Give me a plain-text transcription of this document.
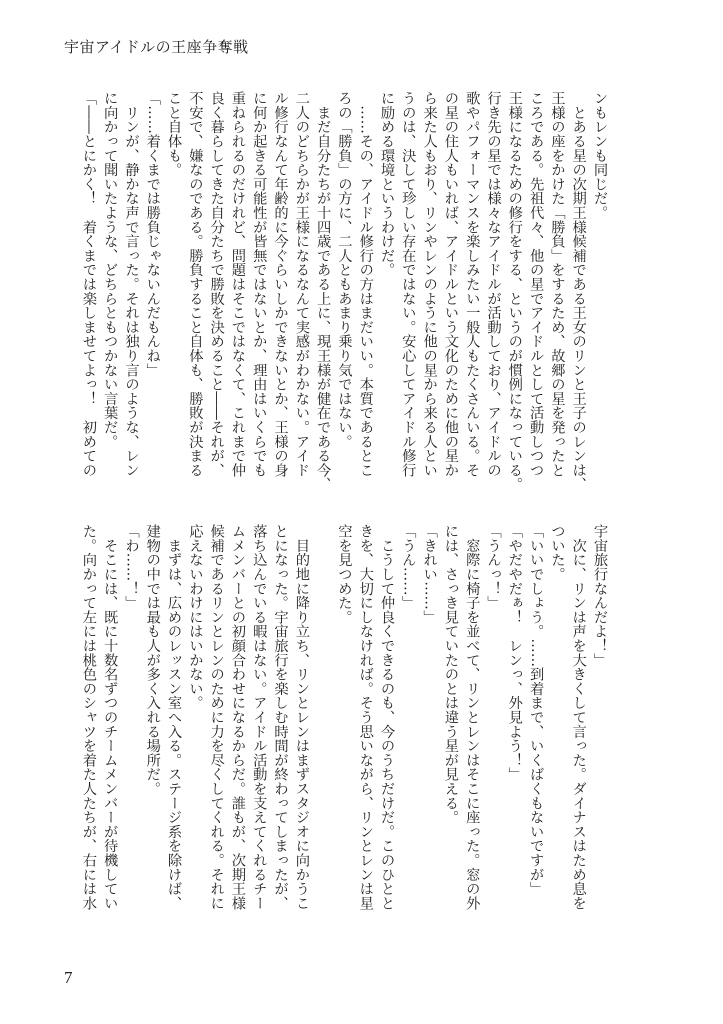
宇宙アイドルの王座争奪戦
ンもレンも同じだ。
　とある星の次期王様候補である王女のリンと王子のレンは、
王様の座をかけた「勝負」をするため、故郷の星を発ったと
ころである。先祖代々、他の星でアイドルとして活動しつつ
王様になるための修行をする、というのが慣例になっている。
行き先の星では様々なアイドルが活動しており、アイドルの
歌やパフォーマンスを楽しみたい一般人もたくさんいる。そ
の星の住人もいれば、アイドルという文化のために他の星か
ら来た人もおり、リンやレンのように他の星から来る人とい
うのは、決して珍しい存在ではない。安心してアイドル修行
に励める環境というわけだ。
　……その、アイドル修行の方はまだいい。本質であるとこ
ろの「勝負」の方に、二人ともあまり乗り気ではない。
　まだ自分たちが十四歳である上に、現王様が健在である今、
二人のどちらかが王様になるなんて実感がわかない。アイド
ル修行なんて年齢的に今ぐらいしかできないとか、王様の身
に何か起きる可能性が皆無ではないとか、理由はいくらでも
重ねられるのだけれど、問題はそこではなくて、これまで仲
良く暮らしてきた自分たちで勝敗を決めること――それが、
不安で、嫌なのである。勝負すること自体も、勝敗が決まる
こと自体も。
「……着くまでは勝負じゃないんだもんね」
　リンが、静かな声で言った。それは独り言のような、レン
に向かって聞いたような、どちらともつかない言葉だ。
「――とにかく！　着くまでは楽しませてよっ！　初めての
宇宙旅行なんだよ！」
　次に、リンは声を大きくして言った。ダイナスはため息を
ついた。
「いいでしょう。……到着まで、いくばくもないですが」
「やだやだぁ！　レンっ、外見よう！」
「うんっ！」
　窓際に椅子を並べて、リンとレンはそこに座った。窓の外
には、さっき見ていたのとは違う星が見える。
「きれい……」
「うん……」
　こうして仲良くできるのも、今のうちだけだ。このひとと
きを、大切にしなければ。そう思いながら、リンとレンは星
空を見つめた。

　目的地に降り立ち、リンとレンはまずスタジオに向かうこ
とになった。宇宙旅行を楽しむ時間が終わってしまったが、
落ち込んでいる暇はない。アイドル活動を支えてくれるチー
ムメンバーとの初顔合わせになるからだ。誰もが、次期王様
候補であるリンとレンのために力を尽くしてくれる。それに
応えないわけにはいかない。
　まずは、広めのレッスン室へ入る。ステージ系を除けば、
建物の中では最も人が多く入れる場所だ。
「わ……！」
　そこには、既に十数名ずつのチームメンバーが待機してい
た。向かって左には桃色のシャツを着た人たちが、右には水
7
